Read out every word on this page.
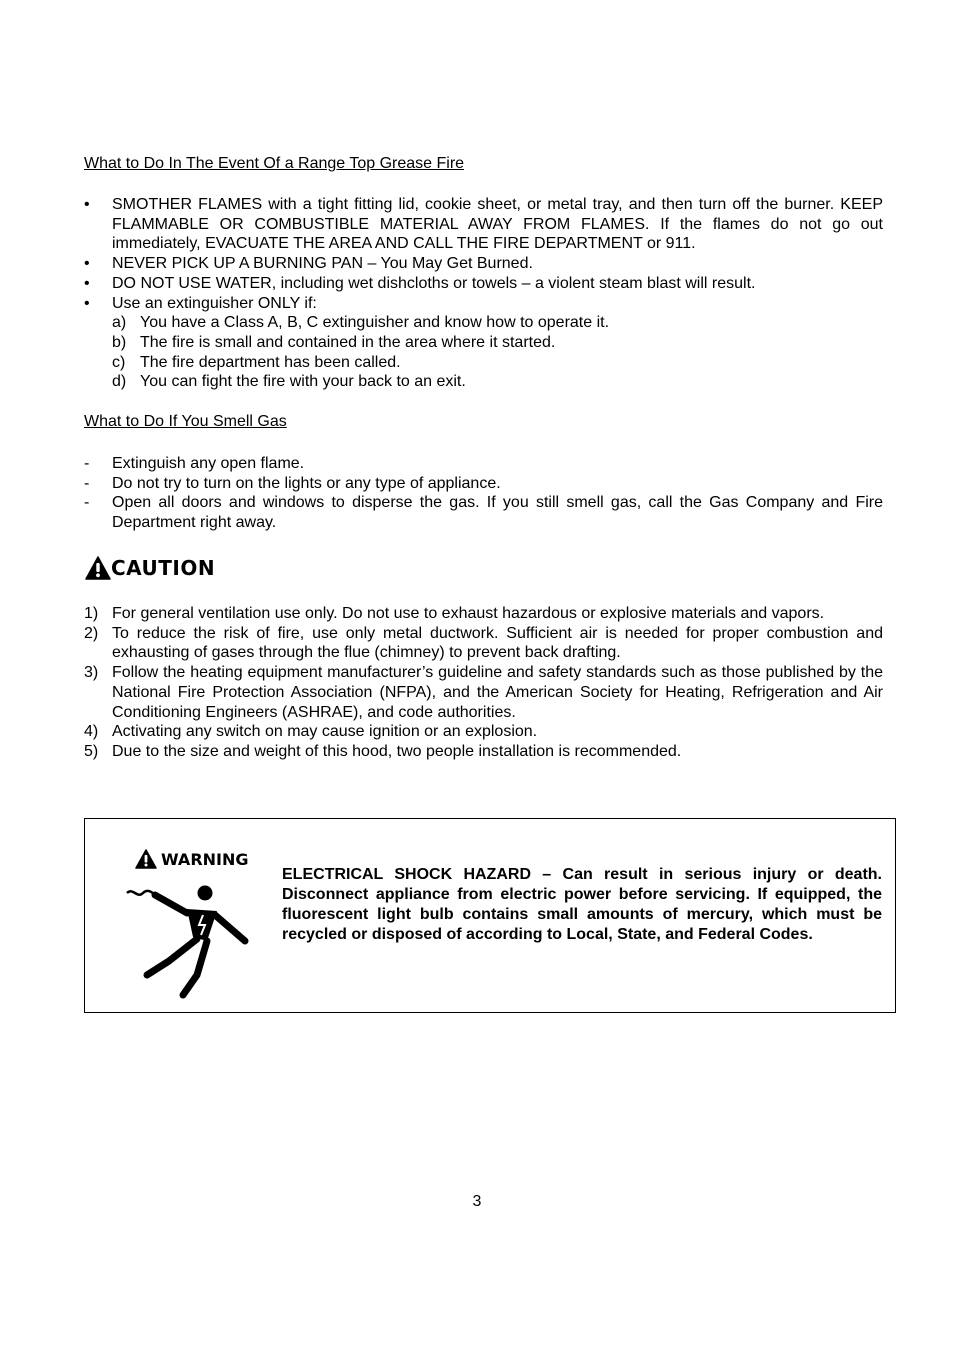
What to Do In The Event Of a Range Top Grease Fire
•	SMOTHER FLAMES with a tight fitting lid, cookie sheet, or metal tray, and then turn off the burner. KEEP FLAMMABLE OR COMBUSTIBLE MATERIAL AWAY FROM FLAMES. If the flames do not go out immediately, EVACUATE THE AREA AND CALL THE FIRE DEPARTMENT or 911.
•	NEVER PICK UP A BURNING PAN – You May Get Burned.
•	DO NOT USE WATER, including wet dishcloths or towels – a violent steam blast will result.
•	Use an extinguisher ONLY if:
a) You have a Class A, B, C extinguisher and know how to operate it.
b) The fire is small and contained in the area where it started.
c) The fire department has been called.
d) You can fight the fire with your back to an exit.
What to Do If You Smell Gas
-	Extinguish any open flame.
-	Do not try to turn on the lights or any type of appliance.
-	Open all doors and windows to disperse the gas. If you still smell gas, call the Gas Company and Fire Department right away.
CAUTION
1) For general ventilation use only. Do not use to exhaust hazardous or explosive materials and vapors.
2) To reduce the risk of fire, use only metal ductwork. Sufficient air is needed for proper combustion and exhausting of gases through the flue (chimney) to prevent back drafting.
3) Follow the heating equipment manufacturer’s guideline and safety standards such as those published by the National Fire Protection Association (NFPA), and the American Society for Heating, Refrigeration and Air Conditioning Engineers (ASHRAE), and code authorities.
4) Activating any switch on may cause ignition or an explosion.
5) Due to the size and weight of this hood, two people installation is recommended.
WARNING
ELECTRICAL SHOCK HAZARD – Can result in serious injury or death. Disconnect appliance from electric power before servicing. If equipped, the fluorescent light bulb contains small amounts of mercury, which must be recycled or disposed of according to Local, State, and Federal Codes.
3
